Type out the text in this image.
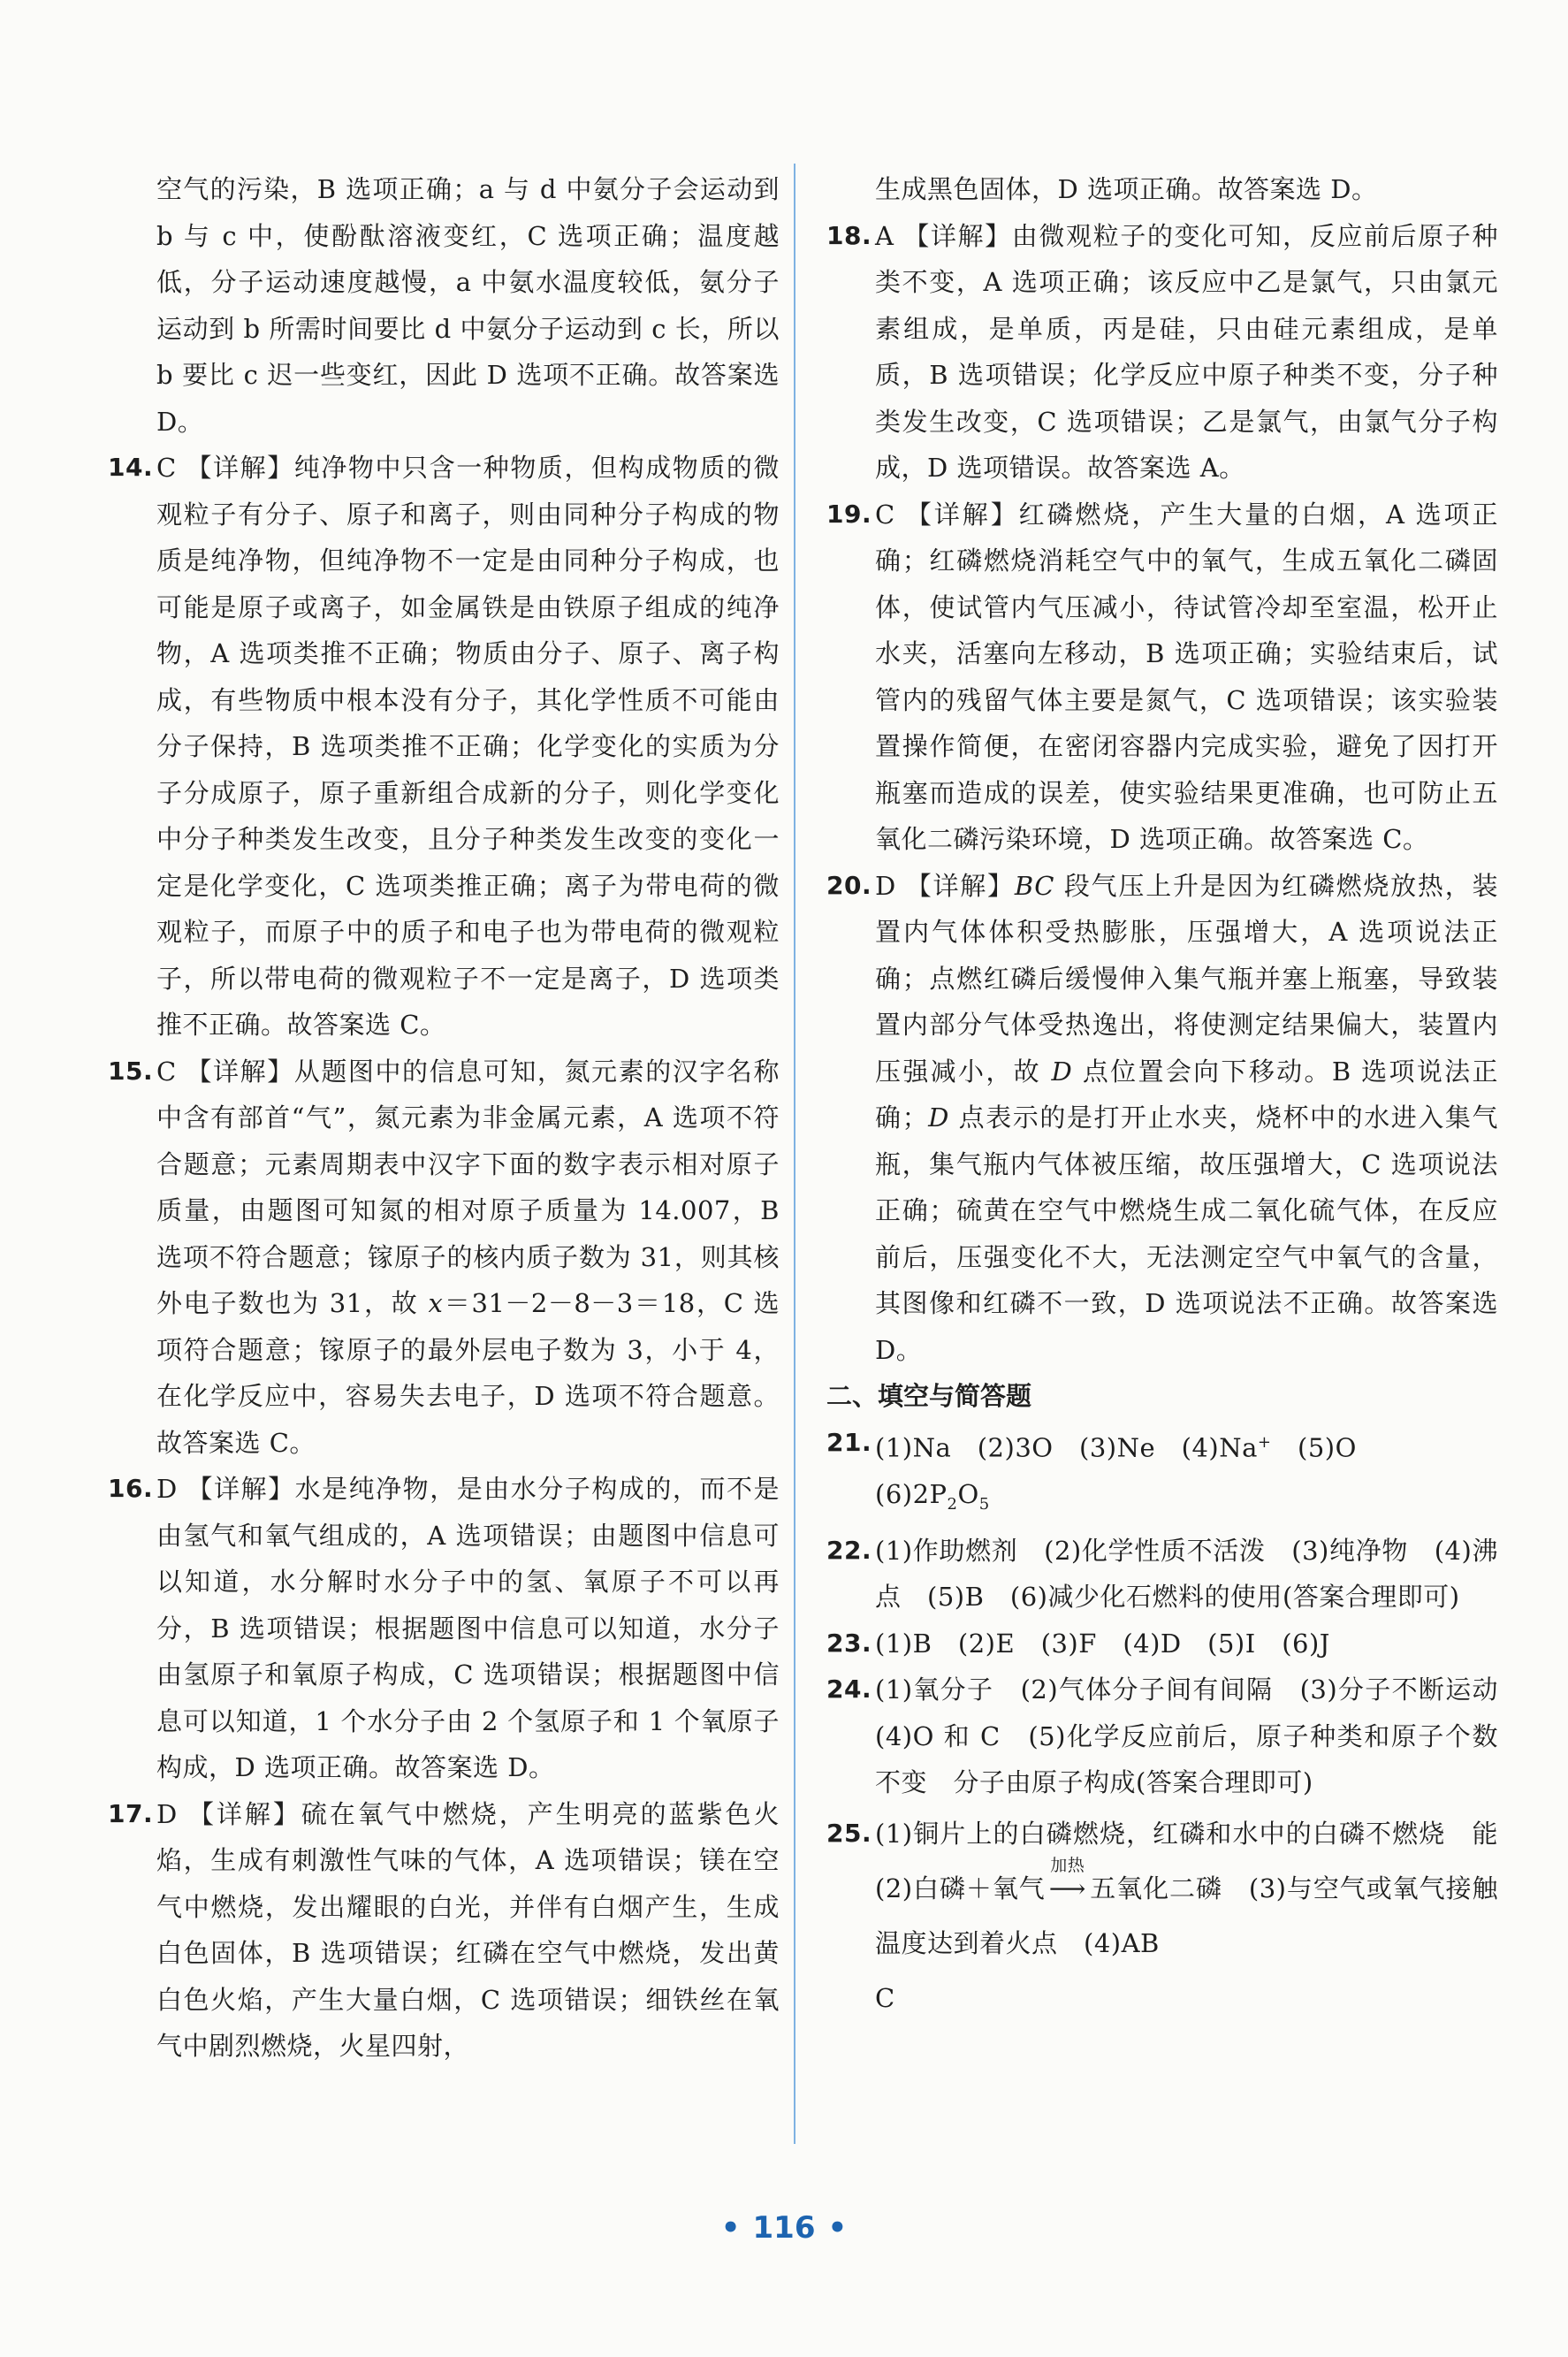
空气的污染，B 选项正确；a 与 d 中氨分子会运动到 b 与 c 中，使酚酞溶液变红，C 选项正确；温度越低，分子运动速度越慢，a 中氨水温度较低，氨分子运动到 b 所需时间要比 d 中氨分子运动到 c 长，所以 b 要比 c 迟一些变红，因此 D 选项不正确。故答案选 D。
14. C 【详解】纯净物中只含一种物质，但构成物质的微观粒子有分子、原子和离子，则由同种分子构成的物质是纯净物，但纯净物不一定是由同种分子构成，也可能是原子或离子，如金属铁是由铁原子组成的纯净物，A 选项类推不正确；物质由分子、原子、离子构成，有些物质中根本没有分子，其化学性质不可能由分子保持，B 选项类推不正确；化学变化的实质为分子分成原子，原子重新组合成新的分子，则化学变化中分子种类发生改变，且分子种类发生改变的变化一定是化学变化，C 选项类推正确；离子为带电荷的微观粒子，而原子中的质子和电子也为带电荷的微观粒子，所以带电荷的微观粒子不一定是离子，D 选项类推不正确。故答案选 C。
15. C 【详解】从题图中的信息可知，氮元素的汉字名称中含有部首“气”，氮元素为非金属元素，A 选项不符合题意；元素周期表中汉字下面的数字表示相对原子质量，由题图可知氮的相对原子质量为 14.007，B 选项不符合题意；镓原子的核内质子数为 31，则其核外电子数也为 31，故 x＝31－2－8－3＝18，C 选项符合题意；镓原子的最外层电子数为 3，小于 4，在化学反应中，容易失去电子，D 选项不符合题意。故答案选 C。
16. D 【详解】水是纯净物，是由水分子构成的，而不是由氢气和氧气组成的，A 选项错误；由题图中信息可以知道，水分解时水分子中的氢、氧原子不可以再分，B 选项错误；根据题图中信息可以知道，水分子由氢原子和氧原子构成，C 选项错误；根据题图中信息可以知道，1 个水分子由 2 个氢原子和 1 个氧原子构成，D 选项正确。故答案选 D。
17. D 【详解】硫在氧气中燃烧，产生明亮的蓝紫色火焰，生成有刺激性气味的气体，A 选项错误；镁在空气中燃烧，发出耀眼的白光，并伴有白烟产生，生成白色固体，B 选项错误；红磷在空气中燃烧，发出黄白色火焰，产生大量白烟，C 选项错误；细铁丝在氧气中剧烈燃烧，火星四射，
生成黑色固体，D 选项正确。故答案选 D。
18. A 【详解】由微观粒子的变化可知，反应前后原子种类不变，A 选项正确；该反应中乙是氯气，只由氯元素组成，是单质，丙是硅，只由硅元素组成，是单质，B 选项错误；化学反应中原子种类不变，分子种类发生改变，C 选项错误；乙是氯气，由氯气分子构成，D 选项错误。故答案选 A。
19. C 【详解】红磷燃烧，产生大量的白烟，A 选项正确；红磷燃烧消耗空气中的氧气，生成五氧化二磷固体，使试管内气压减小，待试管冷却至室温，松开止水夹，活塞向左移动，B 选项正确；实验结束后，试管内的残留气体主要是氮气，C 选项错误；该实验装置操作简便，在密闭容器内完成实验，避免了因打开瓶塞而造成的误差，使实验结果更准确，也可防止五氧化二磷污染环境，D 选项正确。故答案选 C。
20. D 【详解】BC 段气压上升是因为红磷燃烧放热，装置内气体体积受热膨胀，压强增大，A 选项说法正确；点燃红磷后缓慢伸入集气瓶并塞上瓶塞，导致装置内部分气体受热逸出，将使测定结果偏大，装置内压强减小，故 D 点位置会向下移动。B 选项说法正确；D 点表示的是打开止水夹，烧杯中的水进入集气瓶，集气瓶内气体被压缩，故压强增大，C 选项说法正确；硫黄在空气中燃烧生成二氧化硫气体，在反应前后，压强变化不大，无法测定空气中氧气的含量，其图像和红磷不一致，D 选项说法不正确。故答案选 D。
二、填空与简答题
21. (1)Na　(2)3O　(3)Ne　(4)Na+　(5)O
$(6)2P_2O_5$
22. (1)作助燃剂　(2)化学性质不活泼　(3)纯净物　(4)沸点　(5)B　(6)减少化石燃料的使用(答案合理即可)
23. (1)B　(2)E　(3)F　(4)D　(5)I　(6)J
24. (1)氧分子　(2)气体分子间有间隔　(3)分子不断运动　(4)O 和 C　(5)化学反应前后，原子种类和原子个数不变　分子由原子构成(答案合理即可)
25. (1)铜片上的白磷燃烧，红磷和水中的白磷不燃烧　能　(2)白磷＋氧气
加热
⟶ 五氧化二磷　(3)与空气或氧气接触　温度达到着火点　(4)AB
C
• 116 •
